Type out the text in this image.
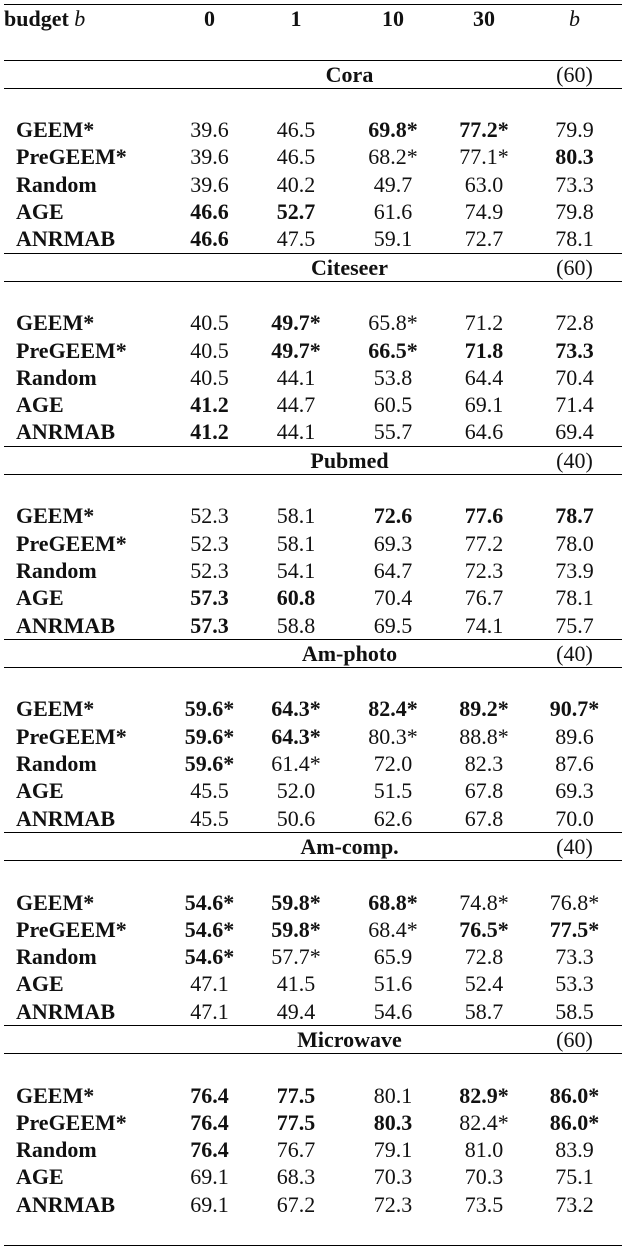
budget b	0	1	10	30	b

	Cora				(60)

GEEM*	39.6	46.5	69.8*	77.2*	79.9
PreGEEM*	39.6	46.5	68.2*	77.1*	80.3
Random	39.6	40.2	49.7	63.0	73.3
AGE	46.6	52.7	61.6	74.9	79.8
ANRMAB	46.6	47.5	59.1	72.7	78.1
	Citeseer				(60)

GEEM*	40.5	49.7*	65.8*	71.2	72.8
PreGEEM*	40.5	49.7*	66.5*	71.8	73.3
Random	40.5	44.1	53.8	64.4	70.4
AGE	41.2	44.7	60.5	69.1	71.4
ANRMAB	41.2	44.1	55.7	64.6	69.4
	Pubmed				(40)

GEEM*	52.3	58.1	72.6	77.6	78.7
PreGEEM*	52.3	58.1	69.3	77.2	78.0
Random	52.3	54.1	64.7	72.3	73.9
AGE	57.3	60.8	70.4	76.7	78.1
ANRMAB	57.3	58.8	69.5	74.1	75.7
	Am-photo				(40)

GEEM*	59.6*	64.3*	82.4*	89.2*	90.7*
PreGEEM*	59.6*	64.3*	80.3*	88.8*	89.6
Random	59.6*	61.4*	72.0	82.3	87.6
AGE	45.5	52.0	51.5	67.8	69.3
ANRMAB	45.5	50.6	62.6	67.8	70.0
	Am-comp.				(40)

GEEM*	54.6*	59.8*	68.8*	74.8*	76.8*
PreGEEM*	54.6*	59.8*	68.4*	76.5*	77.5*
Random	54.6*	57.7*	65.9	72.8	73.3
AGE	47.1	41.5	51.6	52.4	53.3
ANRMAB	47.1	49.4	54.6	58.7	58.5
	Microwave				(60)

GEEM*	76.4	77.5	80.1	82.9*	86.0*
PreGEEM*	76.4	77.5	80.3	82.4*	86.0*
Random	76.4	76.7	79.1	81.0	83.9
AGE	69.1	68.3	70.3	70.3	75.1
ANRMAB	69.1	67.2	72.3	73.5	73.2
